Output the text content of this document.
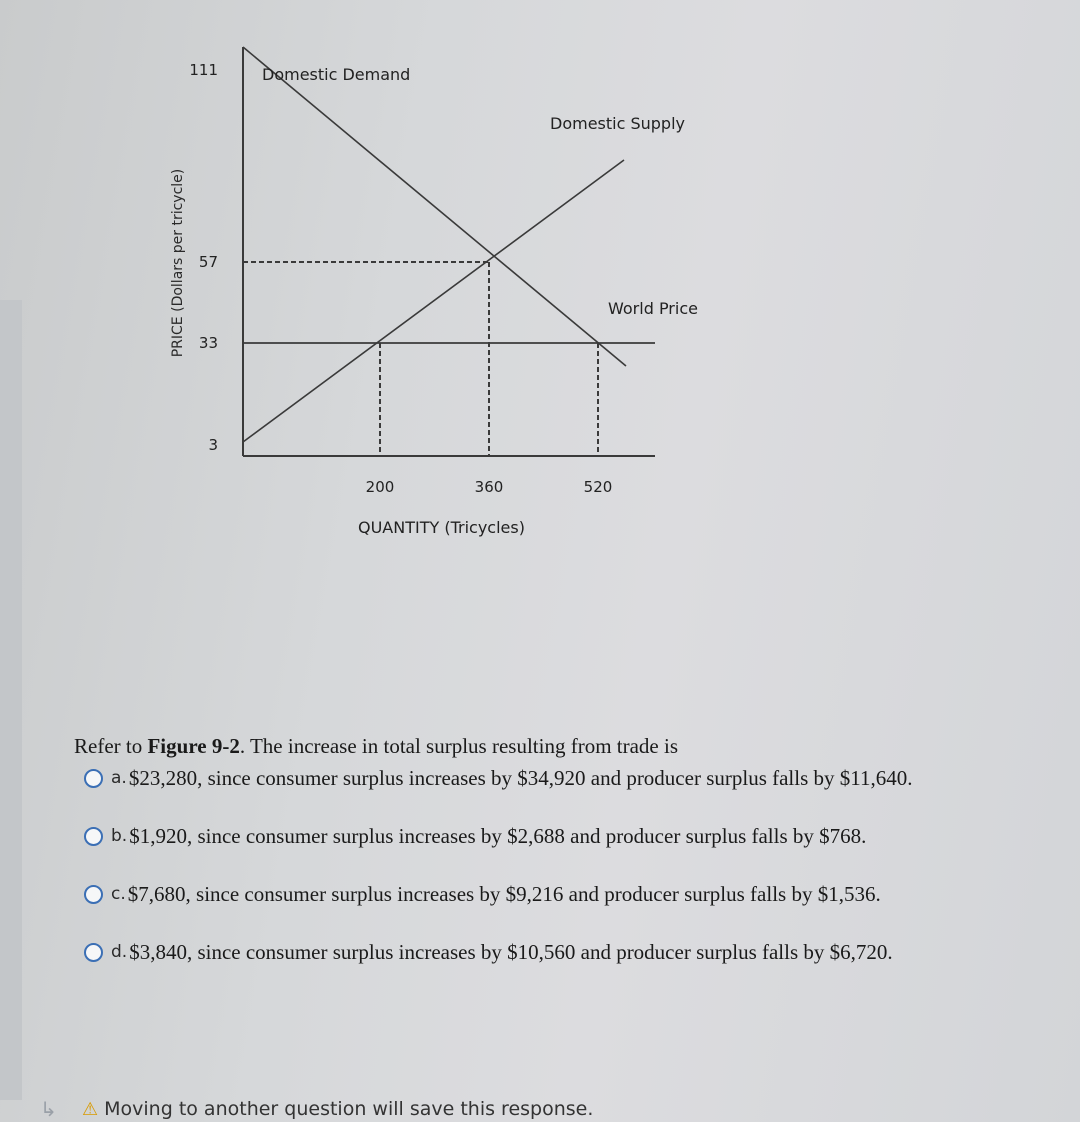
111
57
33
3
200	360	520
Domestic Demand
Domestic Supply
World Price
QUANTITY (Tricycles)
PRICE (Dollars per tricycle)

Refer to Figure 9-2. The increase in total surplus resulting from trade is

a. $23,280, since consumer surplus increases by $34,920 and producer surplus falls by $11,640.
b. $1,920, since consumer surplus increases by $2,688 and producer surplus falls by $768.
c. $7,680, since consumer surplus increases by $9,216 and producer surplus falls by $1,536.
d. $3,840, since consumer surplus increases by $10,560 and producer surplus falls by $6,720.
↳	⚠ Moving to another question will save this response.
